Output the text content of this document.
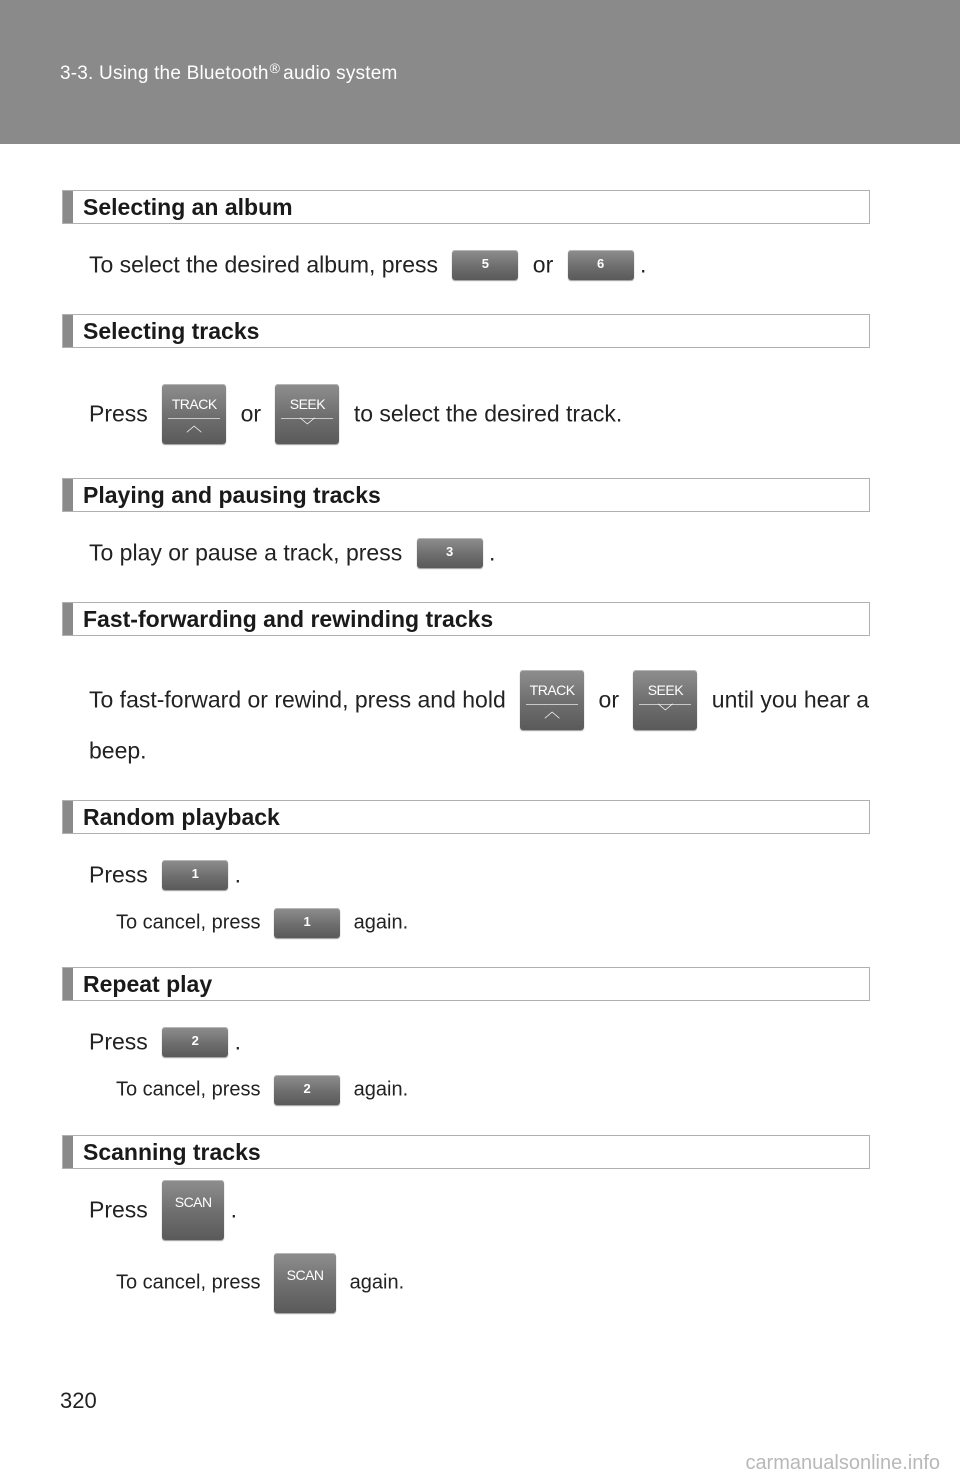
3-3. Using the Bluetooth® audio system
Selecting an album
To select the desired album, press	5	or	6	.
Selecting tracks
Press	TRACK
︿	or	SEEK
﹀	to select the desired track.
Playing and pausing tracks
To play or pause a track, press	3	.
Fast-forwarding and rewinding tracks
To fast-forward or rewind, press and hold	TRACK
︿	or	SEEK
﹀	until you hear a
beep.
Random playback
Press	1	.
To cancel, press	1	again.
Repeat play
Press	2	.
To cancel, press	2	again.
Scanning tracks
Press	SCAN .
To cancel, press	SCAN	again.
320
carmanualsonline.info
